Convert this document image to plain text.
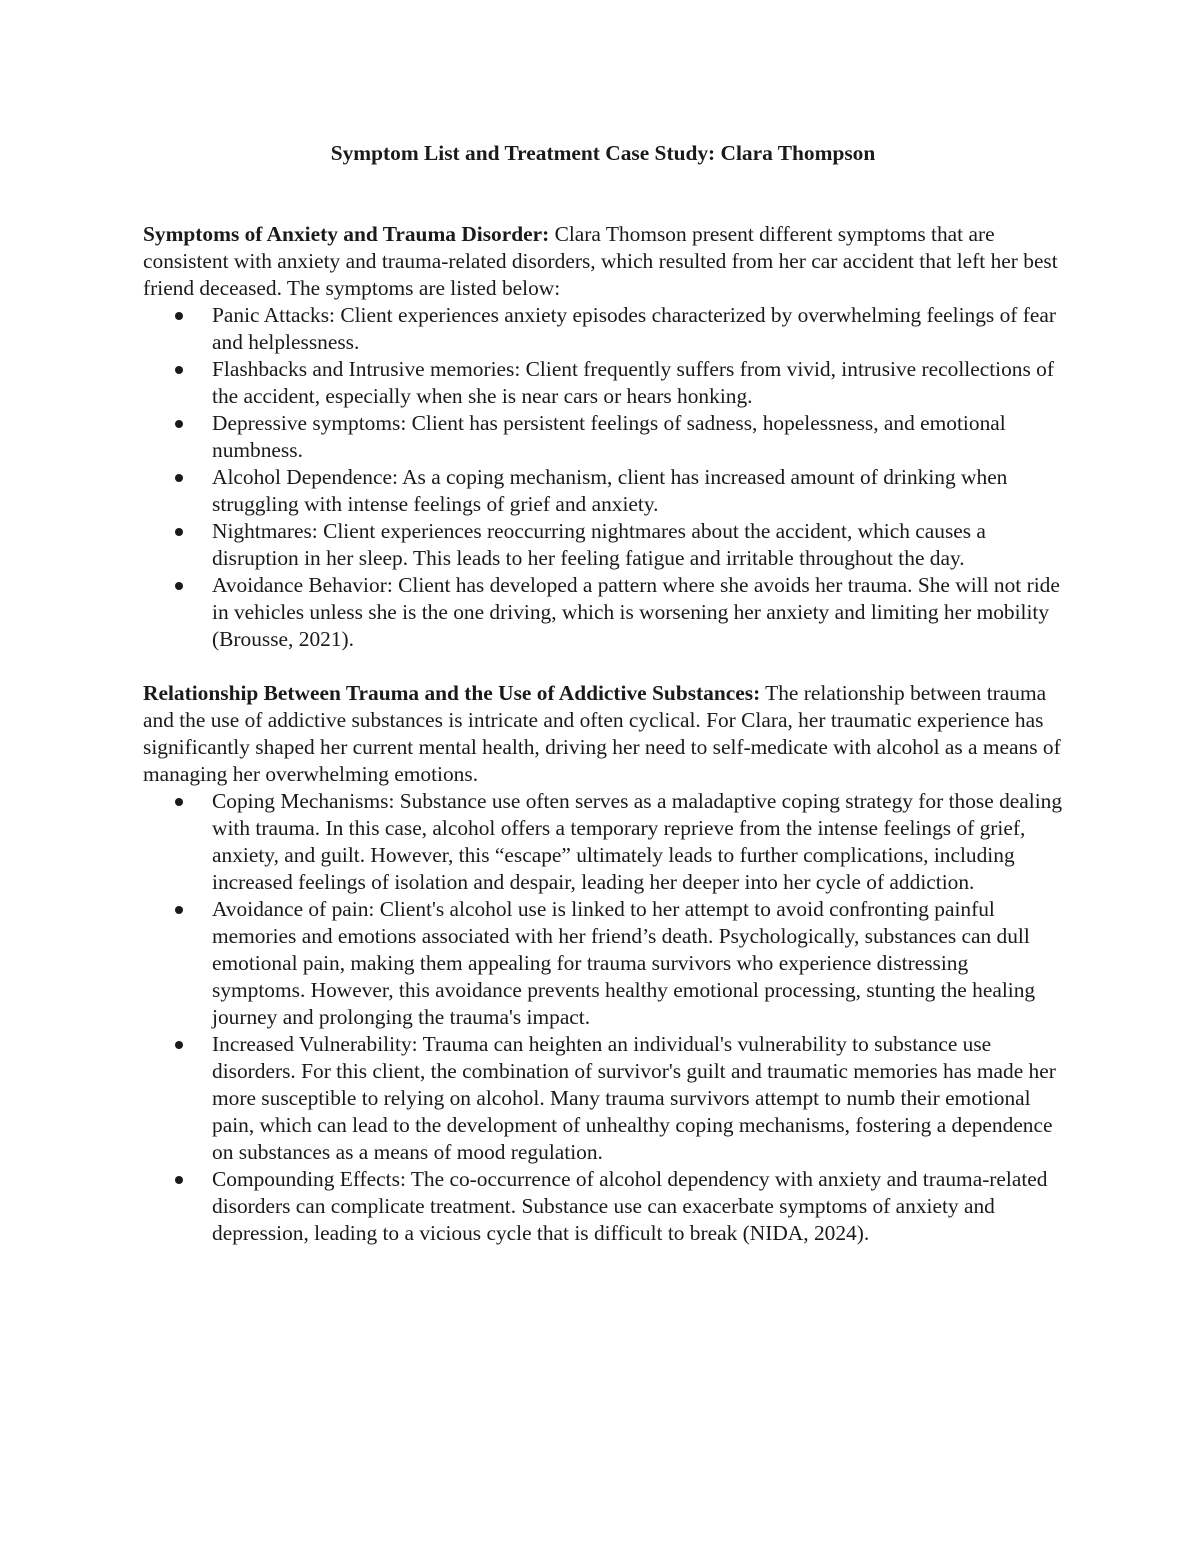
Symptom List and Treatment Case Study: Clara Thompson

Symptoms of Anxiety and Trauma Disorder: Clara Thomson present different symptoms that are consistent with anxiety and trauma-related disorders, which resulted from her car accident that left her best friend deceased. The symptoms are listed below:

Panic Attacks: Client experiences anxiety episodes characterized by overwhelming feelings of fear and helplessness.
Flashbacks and Intrusive memories: Client frequently suffers from vivid, intrusive recollections of the accident, especially when she is near cars or hears honking.
Depressive symptoms: Client has persistent feelings of sadness, hopelessness, and emotional numbness.
Alcohol Dependence: As a coping mechanism, client has increased amount of drinking when struggling with intense feelings of grief and anxiety.
Nightmares: Client experiences reoccurring nightmares about the accident, which causes a disruption in her sleep. This leads to her feeling fatigue and irritable throughout the day.
Avoidance Behavior: Client has developed a pattern where she avoids her trauma. She will not ride in vehicles unless she is the one driving, which is worsening her anxiety and limiting her mobility (Brousse, 2021).

Relationship Between Trauma and the Use of Addictive Substances: The relationship between trauma and the use of addictive substances is intricate and often cyclical. For Clara, her traumatic experience has significantly shaped her current mental health, driving her need to self-medicate with alcohol as a means of managing her overwhelming emotions.

Coping Mechanisms: Substance use often serves as a maladaptive coping strategy for those dealing with trauma. In this case, alcohol offers a temporary reprieve from the intense feelings of grief, anxiety, and guilt. However, this “escape” ultimately leads to further complications, including increased feelings of isolation and despair, leading her deeper into her cycle of addiction.
Avoidance of pain: Client's alcohol use is linked to her attempt to avoid confronting painful memories and emotions associated with her friend’s death. Psychologically, substances can dull emotional pain, making them appealing for trauma survivors who experience distressing symptoms. However, this avoidance prevents healthy emotional processing, stunting the healing journey and prolonging the trauma's impact.
Increased Vulnerability: Trauma can heighten an individual's vulnerability to substance use disorders. For this client, the combination of survivor's guilt and traumatic memories has made her more susceptible to relying on alcohol. Many trauma survivors attempt to numb their emotional pain, which can lead to the development of unhealthy coping mechanisms, fostering a dependence on substances as a means of mood regulation.
Compounding Effects: The co-occurrence of alcohol dependency with anxiety and trauma-related disorders can complicate treatment. Substance use can exacerbate symptoms of anxiety and depression, leading to a vicious cycle that is difficult to break (NIDA, 2024).
